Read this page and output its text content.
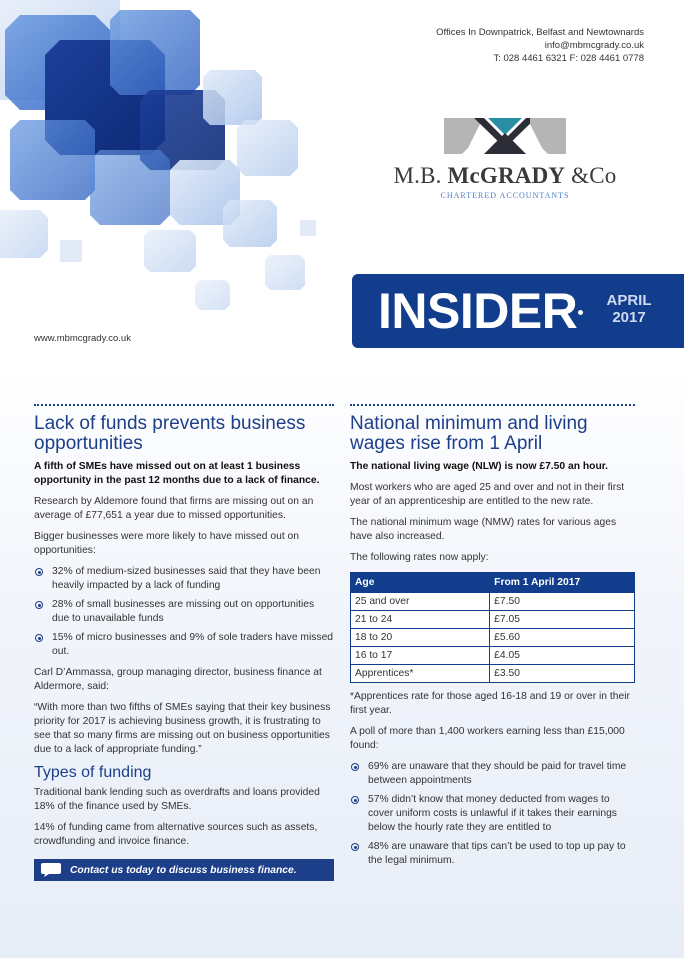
Offices In Downpatrick, Belfast and Newtownards
info@mbmcgrady.co.uk
T: 028 4461 6321 F: 028 4461 0778
M.B. McGRADY &Co
CHARTERED ACCOUNTANTS
INSIDER	APRIL
2017
www.mbmcgrady.co.uk
Lack of funds prevents business opportunities

A fifth of SMEs have missed out on at least 1 business opportunity in the past 12 months due to a lack of finance.

Research by Aldemore found that firms are missing out on an average of £77,651 a year due to missed opportunities.

Bigger businesses were more likely to have missed out on opportunities:

32% of medium-sized businesses said that they have been heavily impacted by a lack of funding
28% of small businesses are missing out on opportunities due to unavailable funds
15% of micro businesses and 9% of sole traders have missed out.

Carl D’Ammassa, group managing director, business finance at Aldermore, said:

“With more than two fifths of SMEs saying that their key business priority for 2017 is achieving business growth, it is frustrating to see that so many firms are missing out on business opportunities due to a lack of appropriate funding.”

Types of funding

Traditional bank lending such as overdrafts and loans provided 18% of the finance used by SMEs.

14% of funding came from alternative sources such as assets, crowdfunding and invoice finance.

Contact us today to discuss business finance.
National minimum and living wages rise from 1 April

The national living wage (NLW) is now £7.50 an hour.

Most workers who are aged 25 and over and not in their first year of an apprenticeship are entitled to the new rate.

The national minimum wage (NMW) rates for various ages have also increased.

The following rates now apply:

Age	From 1 April 2017
25 and over	£7.50
21 to 24	£7.05
18 to 20	£5.60
16 to 17	£4.05
Apprentices*	£3.50

*Apprentices rate for those aged 16-18 and 19 or over in their first year.

A poll of more than 1,400 workers earning less than £15,000 found:

69% are unaware that they should be paid for travel time between appointments
57% didn’t know that money deducted from wages to cover uniform costs is unlawful if it takes their earnings below the hourly rate they are entitled to
48% are unaware that tips can’t be used to top up pay to the legal minimum.
